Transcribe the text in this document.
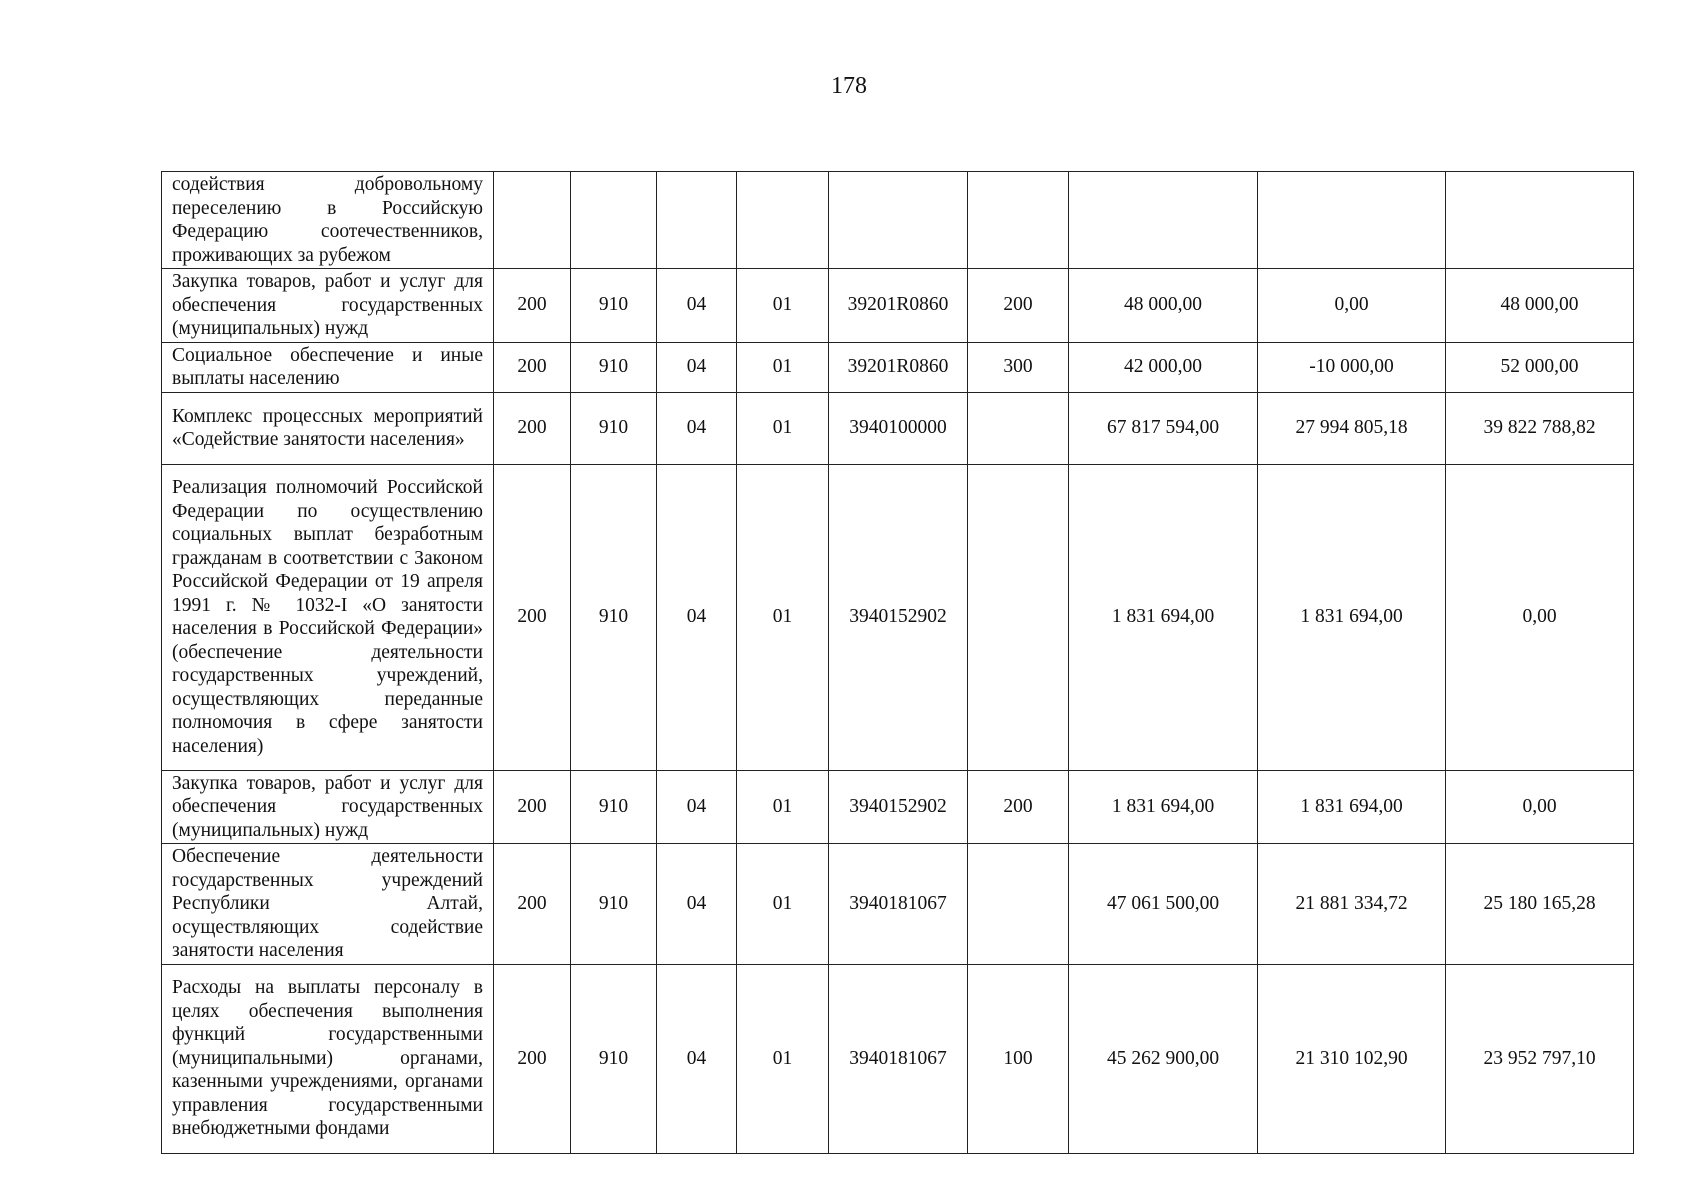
178
содействия добровольному переселению в Российскую Федерацию соотечественников, проживающих за рубежом									
Закупка товаров, работ и услуг для обеспечения государственных (муниципальных) нужд	200	910	04	01	39201R0860	200	48 000,00	0,00	48 000,00
Социальное обеспечение и иные выплаты населению	200	910	04	01	39201R0860	300	42 000,00	-10 000,00	52 000,00
Комплекс процессных мероприятий «Содействие занятости населения»	200	910	04	01	3940100000		67 817 594,00	27 994 805,18	39 822 788,82
Реализация полномочий Российской Федерации по осуществлению социальных выплат безработным гражданам в соответствии с Законом Российской Федерации от 19 апреля 1991 г. № 1032-I «О занятости населения в Российской Федерации» (обеспечение деятельности государственных учреждений, осуществляющих переданные полномочия в сфере занятости населения)	200	910	04	01	3940152902		1 831 694,00	1 831 694,00	0,00
Закупка товаров, работ и услуг для обеспечения государственных (муниципальных) нужд	200	910	04	01	3940152902	200	1 831 694,00	1 831 694,00	0,00
Обеспечение деятельности государственных учреждений Республики Алтай, осуществляющих содействие занятости населения	200	910	04	01	3940181067		47 061 500,00	21 881 334,72	25 180 165,28
Расходы на выплаты персоналу в целях обеспечения выполнения функций государственными (муниципальными) органами, казенными учреждениями, органами управления государственными внебюджетными фондами	200	910	04	01	3940181067	100	45 262 900,00	21 310 102,90	23 952 797,10
